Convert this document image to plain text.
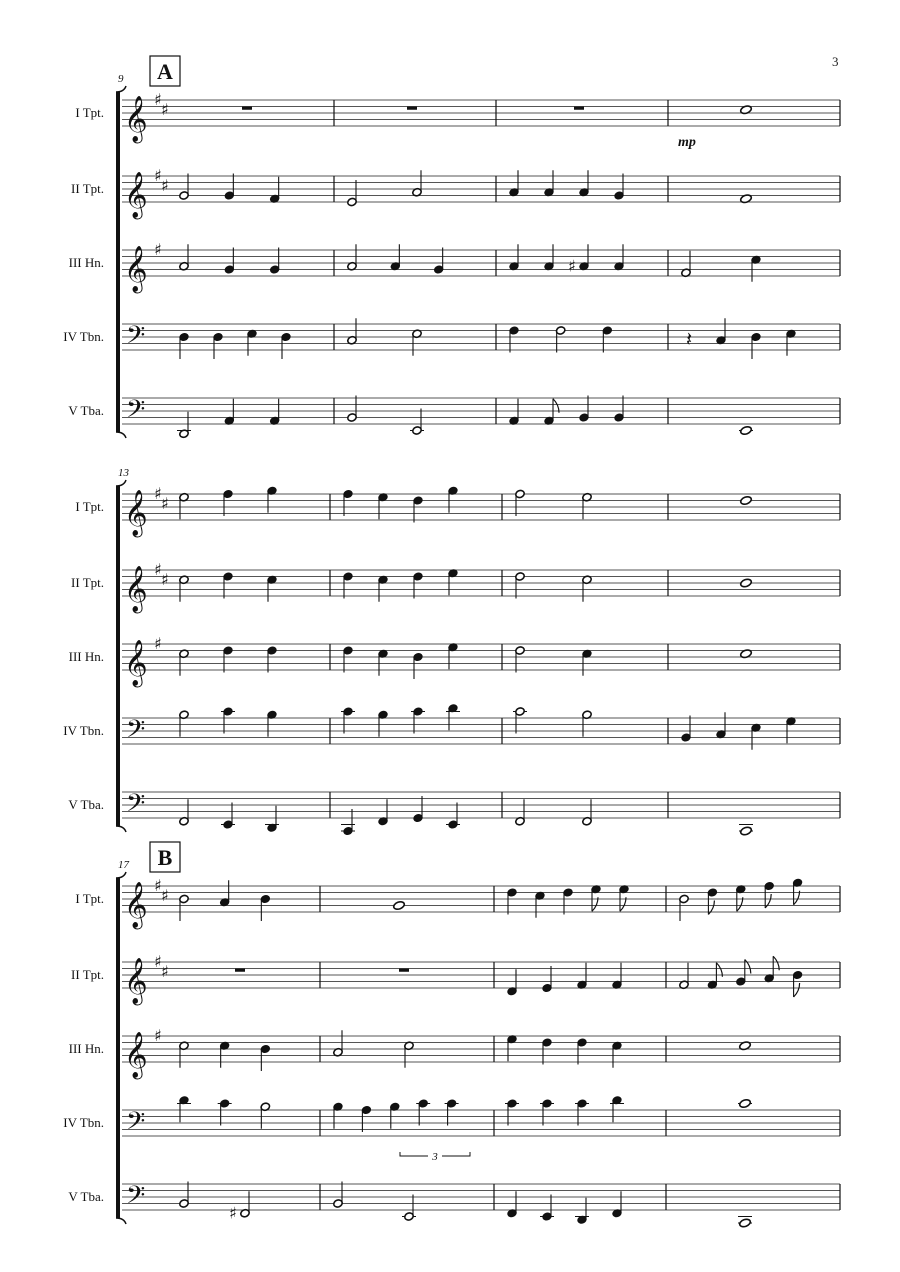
3
9 A
I Tpt. 𝄞 ♯
♯
II Tpt. 𝄞 ♯
♯
III Hn. 𝄞 ♯
♯
IV Tbn. 𝄢	𝄽
V Tba. 𝄢
13
I Tpt. 𝄞 ♯
♯
II Tpt. 𝄞 ♯
♯
III Hn. 𝄞 ♯
IV Tbn. 𝄢
V Tba. 𝄢
17 B
I Tpt. 𝄞 ♯
♯
II Tpt. 𝄞 ♯
♯
III Hn. 𝄞 ♯
IV Tbn. 𝄢
V Tba. 𝄢	♯
mp
3
